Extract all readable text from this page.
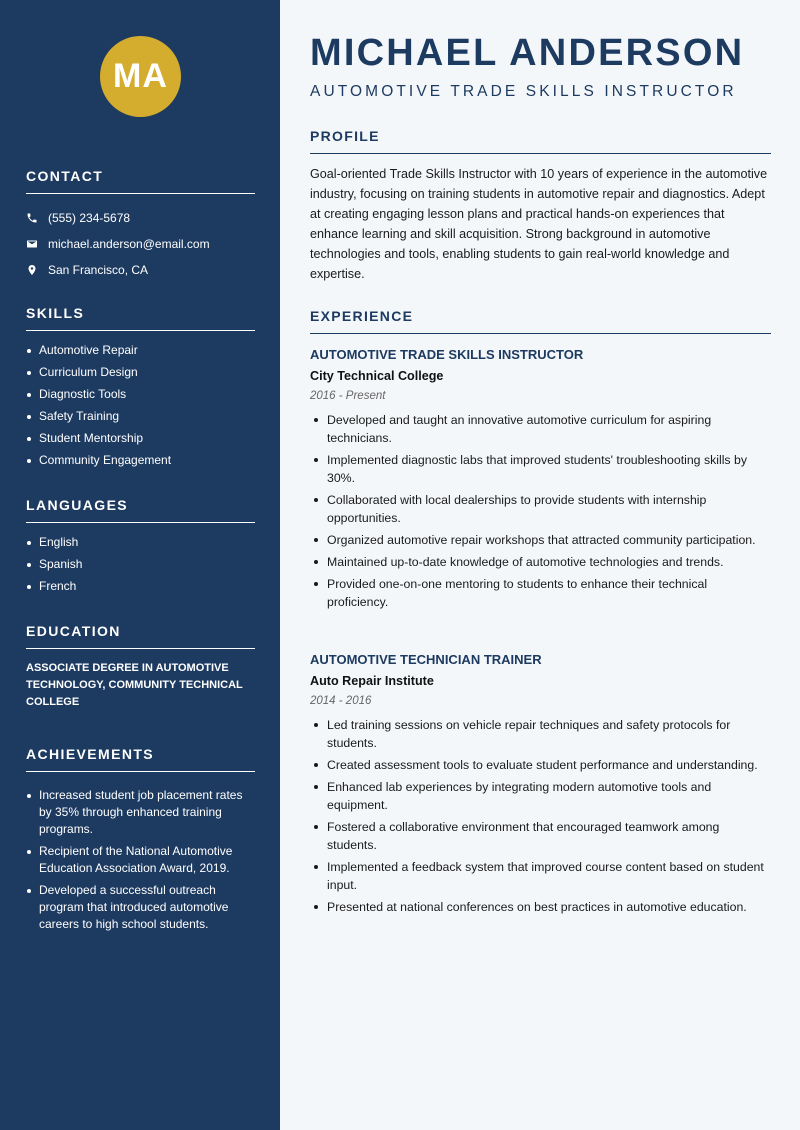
MA
CONTACT
(555) 234-5678
michael.anderson@email.com
San Francisco, CA
SKILLS
Automotive Repair
Curriculum Design
Diagnostic Tools
Safety Training
Student Mentorship
Community Engagement
LANGUAGES
English
Spanish
French
EDUCATION
ASSOCIATE DEGREE IN AUTOMOTIVE TECHNOLOGY, COMMUNITY TECHNICAL COLLEGE
ACHIEVEMENTS
Increased student job placement rates by 35% through enhanced training programs.
Recipient of the National Automotive Education Association Award, 2019.
Developed a successful outreach program that introduced automotive careers to high school students.
MICHAEL ANDERSON
AUTOMOTIVE TRADE SKILLS INSTRUCTOR
PROFILE
Goal-oriented Trade Skills Instructor with 10 years of experience in the automotive industry, focusing on training students in automotive repair and diagnostics. Adept at creating engaging lesson plans and practical hands-on experiences that enhance learning and skill acquisition. Strong background in automotive technologies and tools, enabling students to gain real-world knowledge and expertise.
EXPERIENCE
AUTOMOTIVE TRADE SKILLS INSTRUCTOR
City Technical College
2016 - Present
Developed and taught an innovative automotive curriculum for aspiring technicians.
Implemented diagnostic labs that improved students' troubleshooting skills by 30%.
Collaborated with local dealerships to provide students with internship opportunities.
Organized automotive repair workshops that attracted community participation.
Maintained up-to-date knowledge of automotive technologies and trends.
Provided one-on-one mentoring to students to enhance their technical proficiency.
AUTOMOTIVE TECHNICIAN TRAINER
Auto Repair Institute
2014 - 2016
Led training sessions on vehicle repair techniques and safety protocols for students.
Created assessment tools to evaluate student performance and understanding.
Enhanced lab experiences by integrating modern automotive tools and equipment.
Fostered a collaborative environment that encouraged teamwork among students.
Implemented a feedback system that improved course content based on student input.
Presented at national conferences on best practices in automotive education.
